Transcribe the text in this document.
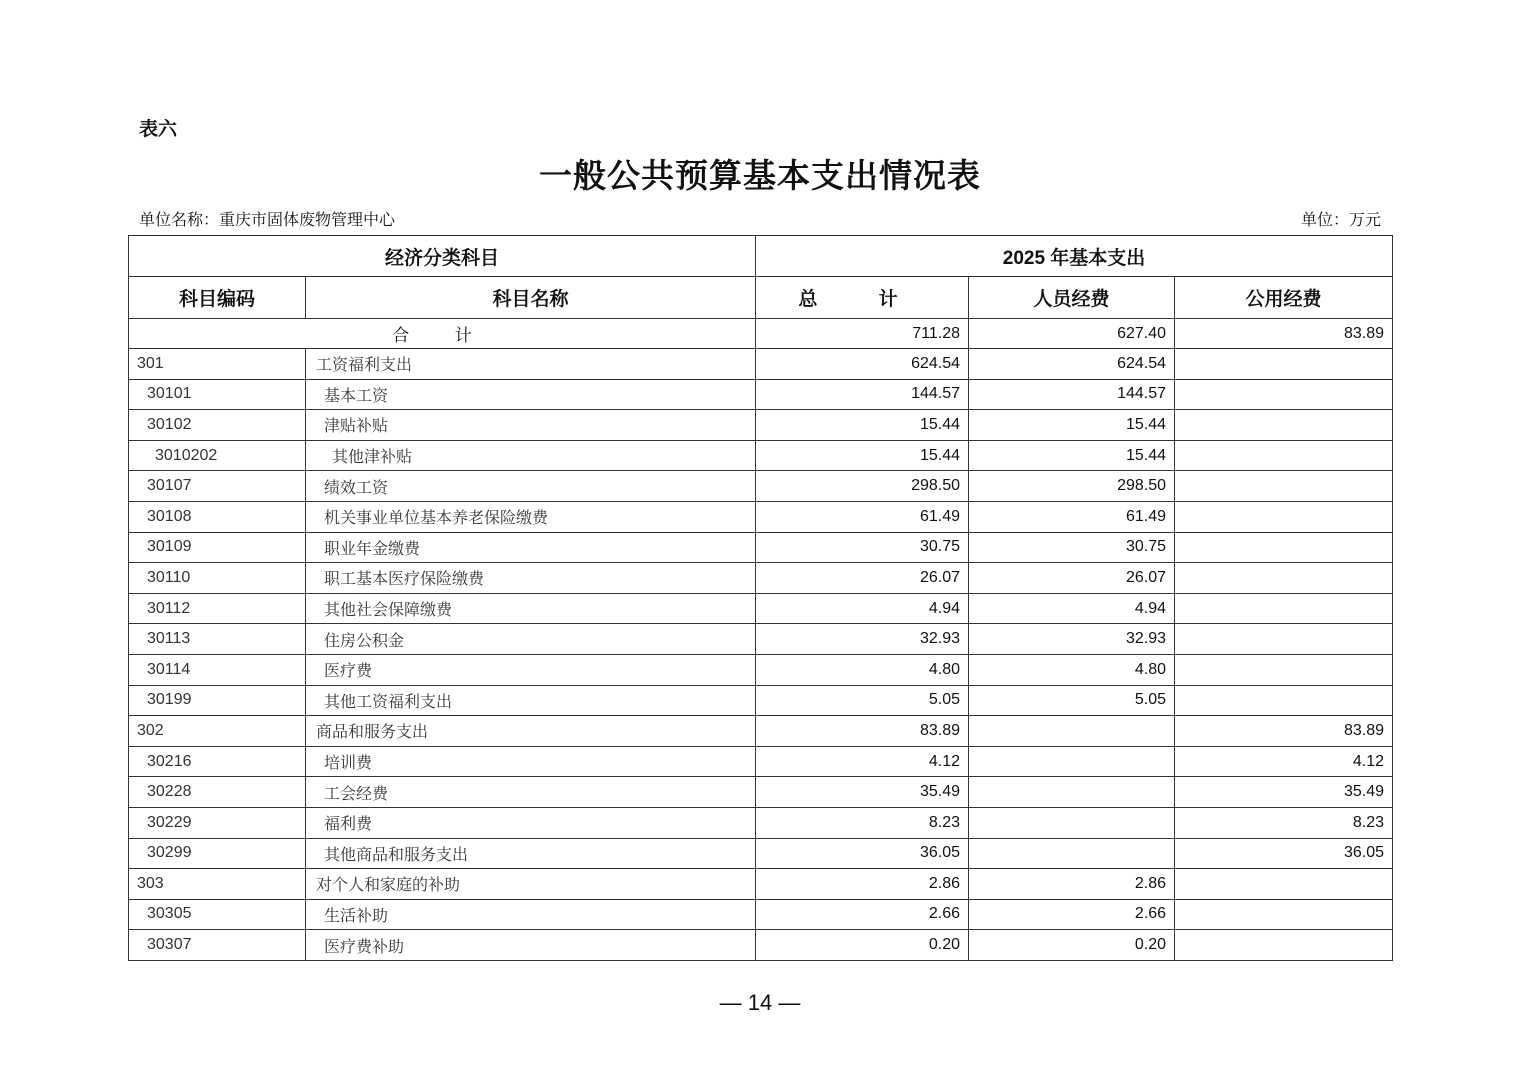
表六
一般公共预算基本支出情况表
单位名称：重庆市固体废物管理中心	单位：万元
经济分类科目		2025 年基本支出		
科目编码	科目名称	总 计	人员经费	公用经费
合 计		711.28	627.40	83.89
301	工资福利支出	624.54	624.54	
30101	基本工资	144.57	144.57	
30102	津贴补贴	15.44	15.44	
3010202	其他津补贴	15.44	15.44	
30107	绩效工资	298.50	298.50	
30108	机关事业单位基本养老保险缴费	61.49	61.49	
30109	职业年金缴费	30.75	30.75	
30110	职工基本医疗保险缴费	26.07	26.07	
30112	其他社会保障缴费	4.94	4.94	
30113	住房公积金	32.93	32.93	
30114	医疗费	4.80	4.80	
30199	其他工资福利支出	5.05	5.05	
302	商品和服务支出	83.89		83.89
30216	培训费	4.12		4.12
30228	工会经费	35.49		35.49
30229	福利费	8.23		8.23
30299	其他商品和服务支出	36.05		36.05
303	对个人和家庭的补助	2.86	2.86	
30305	生活补助	2.66	2.66	
30307	医疗费补助	0.20	0.20	
— 14 —
